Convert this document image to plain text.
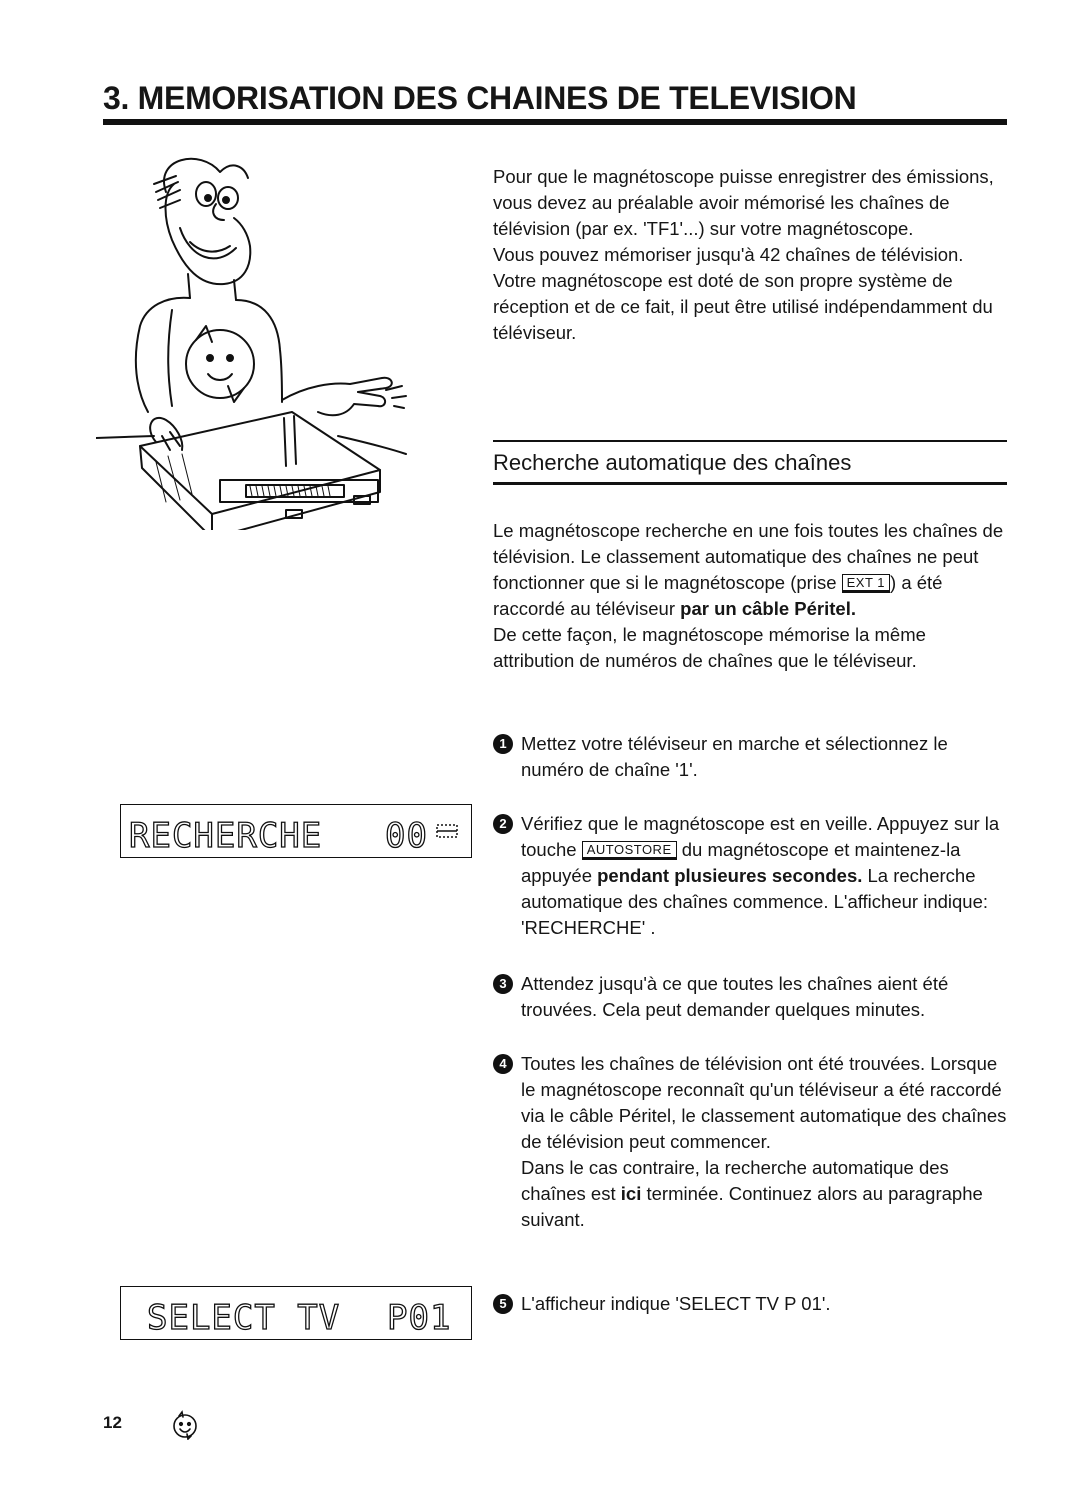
3. MEMORISATION DES CHAINES DE TELEVISION

Pour que le magnétoscope puisse enregistrer des émissions, vous devez au préalable avoir mémorisé les chaînes de télévision (par ex. 'TF1'...) sur votre magnétoscope.

Vous pouvez mémoriser jusqu'à 42 chaînes de télévision.

Votre magnétoscope est doté de son propre système de réception et de ce fait, il peut être utilisé indépendamment du téléviseur.

Recherche automatique des chaînes

Le magnétoscope recherche en une fois toutes les chaînes de télévision. Le classement automatique des chaînes ne peut fonctionner que si le magnétoscope (prise EXT 1 ) a été raccordé au téléviseur par un câble Péritel.

De cette façon, le magnétoscope mémorise la même attribution de numéros de chaînes que le téléviseur.

1 Mettez votre téléviseur en marche et sélectionnez le numéro de chaîne '1'.

2 Vérifiez que le magnétoscope est en veille. Appuyez sur la touche AUTOSTORE du magnétoscope et maintenez-la appuyée pendant plusieures secondes. La recherche automatique des chaînes commence. L'afficheur indique: 'RECHERCHE' .

3 Attendez jusqu'à ce que toutes les chaînes aient été trouvées. Cela peut demander quelques minutes.

4 Toutes les chaînes de télévision ont été trouvées. Lorsque le magnétoscope reconnaît qu'un téléviseur a été raccordé via le câble Péritel, le classement automatique des chaînes de télévision peut commencer.

Dans le cas contraire, la recherche automatique des chaînes est ici terminée. Continuez alors au paragraphe suivant.

5 L'afficheur indique 'SELECT TV P 01'.

RECHERCHE 00
SELECT TV P01
12
